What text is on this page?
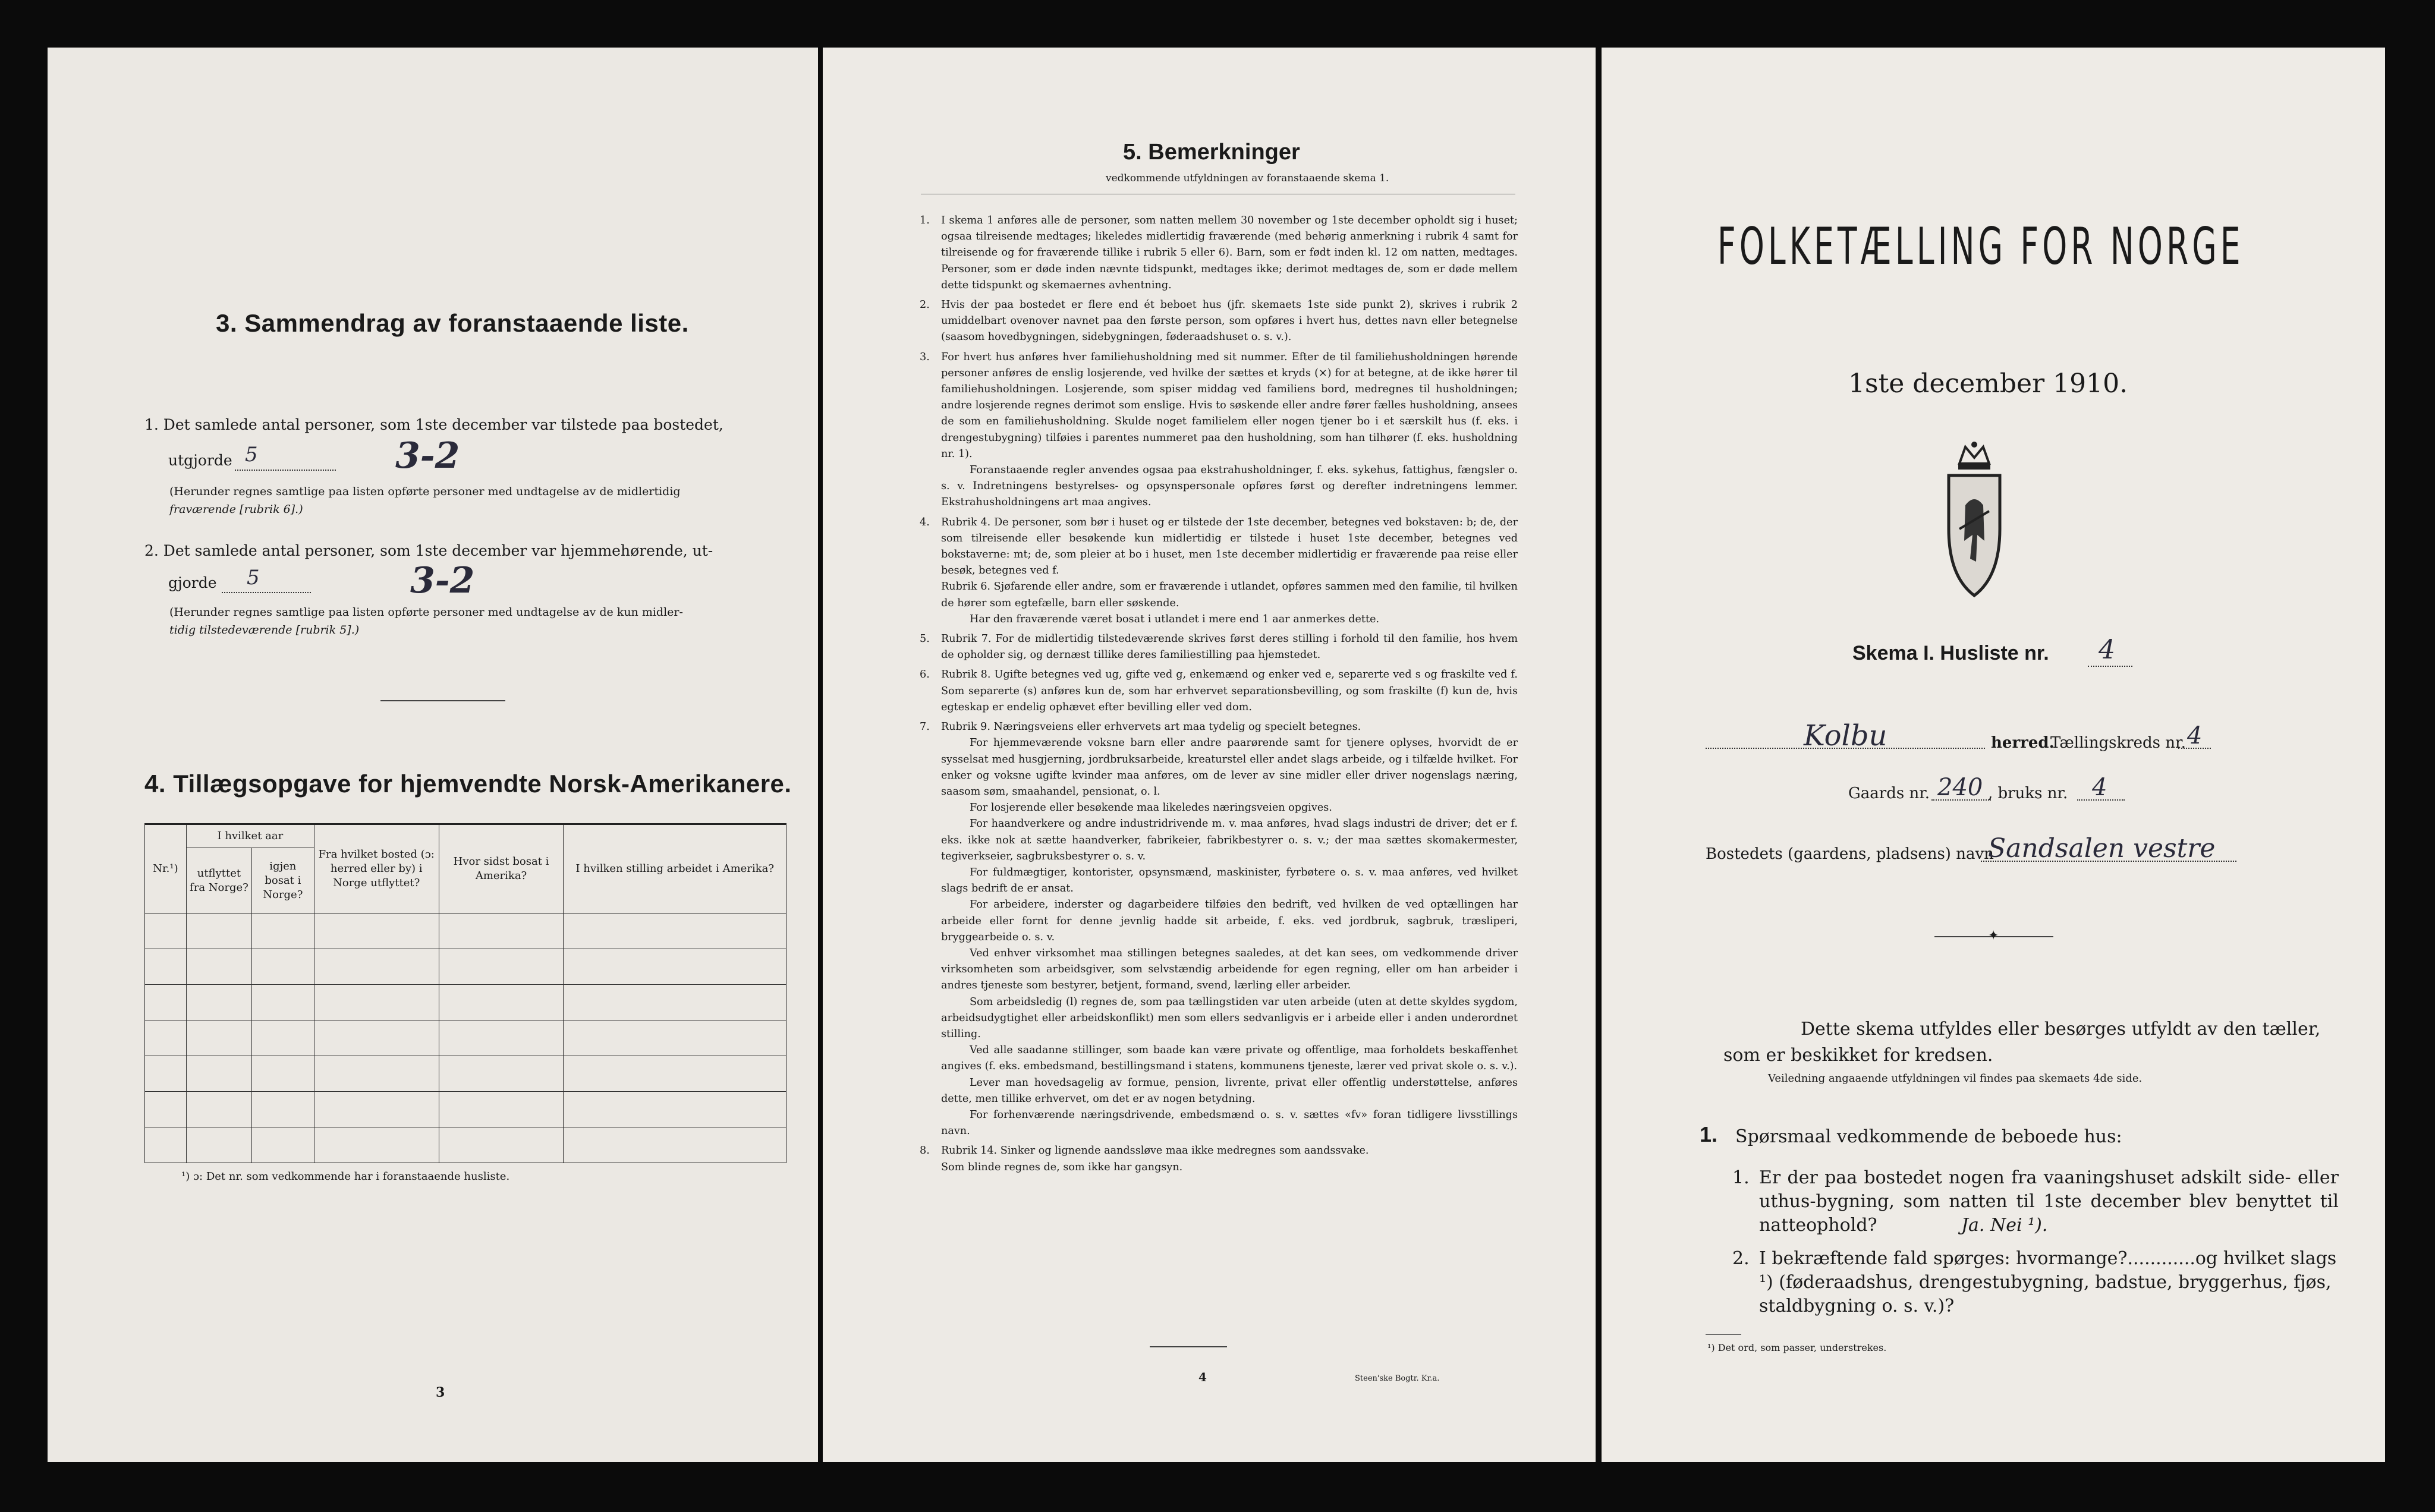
3. Sammendrag av foranstaaende liste.
1. Det samlede antal personer, som 1ste december var tilstede paa bostedet,
utgjorde 5	3-2
(Herunder regnes samtlige paa listen opførte personer med undtagelse av de midlertidig
fraværende [rubrik 6].)
2. Det samlede antal personer, som 1ste december var hjemmehørende, ut-
gjorde 5	3-2
(Herunder regnes samtlige paa listen opførte personer med undtagelse av de kun midler-
tidig tilstedeværende [rubrik 5].)
4. Tillægsopgave for hjemvendte Norsk-Amerikanere.
Nr.¹)	I hvilket aar		Fra hvilket bosted (ɔ: herred eller by) i Norge utflyttet?	Hvor sidst bosat i Amerika?	I hvilken stilling arbeidet i Amerika?
	utflyttet fra Norge?	igjen bosat i Norge?			

¹) ɔ: Det nr. som vedkommende har i foranstaaende husliste.
3
5. Bemerkninger
vedkommende utfyldningen av foranstaaende skema 1.
1. I skema 1 anføres alle de personer, som natten mellem 30 november og 1ste december opholdt sig i huset; ogsaa tilreisende medtages; likeledes midlertidig fraværende (med behørig anmerkning i rubrik 4 samt for tilreisende og for fraværende tillike i rubrik 5 eller 6). Barn, som er født inden kl. 12 om natten, medtages. Personer, som er døde inden nævnte tidspunkt, medtages ikke; derimot medtages de, som er døde mellem dette tidspunkt og skemaernes avhentning.
2. Hvis der paa bostedet er flere end ét beboet hus (jfr. skemaets 1ste side punkt 2), skrives i rubrik 2 umiddelbart ovenover navnet paa den første person, som opføres i hvert hus, dettes navn eller betegnelse (saasom hovedbygningen, sidebygningen, føderaadshuset o. s. v.).
3. For hvert hus anføres hver familiehusholdning med sit nummer. Efter de til familiehusholdningen hørende personer anføres de enslig losjerende, ved hvilke der sættes et kryds (×) for at betegne, at de ikke hører til familiehusholdningen. Losjerende, som spiser middag ved familiens bord, medregnes til husholdningen; andre losjerende regnes derimot som enslige. Hvis to søskende eller andre fører fælles husholdning, ansees de som en familiehusholdning. Skulde noget familielem eller nogen tjener bo i et særskilt hus (f. eks. i drengestubygning) tilføies i parentes nummeret paa den husholdning, som han tilhører (f. eks. husholdning nr. 1).

Foranstaaende regler anvendes ogsaa paa ekstrahusholdninger, f. eks. sykehus, fattighus, fængsler o. s. v. Indretningens bestyrelses- og opsynspersonale opføres først og derefter indretningens lemmer. Ekstrahusholdningens art maa angives.

4. Rubrik 4. De personer, som bør i huset og er tilstede der 1ste december, betegnes ved bokstaven: b; de, der som tilreisende eller besøkende kun midlertidig er tilstede i huset 1ste december, betegnes ved bokstaverne: mt; de, som pleier at bo i huset, men 1ste december midlertidig er fraværende paa reise eller besøk, betegnes ved f.

Rubrik 6. Sjøfarende eller andre, som er fraværende i utlandet, opføres sammen med den familie, til hvilken de hører som egtefælle, barn eller søskende.

Har den fraværende været bosat i utlandet i mere end 1 aar anmerkes dette.

5. Rubrik 7. For de midlertidig tilstedeværende skrives først deres stilling i forhold til den familie, hos hvem de opholder sig, og dernæst tillike deres familiestilling paa hjemstedet.
6. Rubrik 8. Ugifte betegnes ved ug, gifte ved g, enkemænd og enker ved e, separerte ved s og fraskilte ved f. Som separerte (s) anføres kun de, som har erhvervet separationsbevilling, og som fraskilte (f) kun de, hvis egteskap er endelig ophævet efter bevilling eller ved dom.
7. Rubrik 9. Næringsveiens eller erhvervets art maa tydelig og specielt betegnes.

For hjemmeværende voksne barn eller andre paarørende samt for tjenere oplyses, hvorvidt de er sysselsat med husgjerning, jordbruksarbeide, kreaturstel eller andet slags arbeide, og i tilfælde hvilket. For enker og voksne ugifte kvinder maa anføres, om de lever av sine midler eller driver nogenslags næring, saasom søm, smaahandel, pensionat, o. l.

For losjerende eller besøkende maa likeledes næringsveien opgives.

For haandverkere og andre industridrivende m. v. maa anføres, hvad slags industri de driver; det er f. eks. ikke nok at sætte haandverker, fabrikeier, fabrikbestyrer o. s. v.; der maa sættes skomakermester, tegiverkseier, sagbruksbestyrer o. s. v.

For fuldmægtiger, kontorister, opsynsmænd, maskinister, fyrbøtere o. s. v. maa anføres, ved hvilket slags bedrift de er ansat.

For arbeidere, inderster og dagarbeidere tilføies den bedrift, ved hvilken de ved optællingen har arbeide eller fornt for denne jevnlig hadde sit arbeide, f. eks. ved jordbruk, sagbruk, træsliperi, bryggearbeide o. s. v.

Ved enhver virksomhet maa stillingen betegnes saaledes, at det kan sees, om vedkommende driver virksomheten som arbeidsgiver, som selvstændig arbeidende for egen regning, eller om han arbeider i andres tjeneste som bestyrer, betjent, formand, svend, lærling eller arbeider.

Som arbeidsledig (l) regnes de, som paa tællingstiden var uten arbeide (uten at dette skyldes sygdom, arbeidsudygtighet eller arbeidskonflikt) men som ellers sedvanligvis er i arbeide eller i anden underordnet stilling.

Ved alle saadanne stillinger, som baade kan være private og offentlige, maa forholdets beskaffenhet angives (f. eks. embedsmand, bestillingsmand i statens, kommunens tjeneste, lærer ved privat skole o. s. v.).

Lever man hovedsagelig av formue, pension, livrente, privat eller offentlig understøttelse, anføres dette, men tillike erhvervet, om det er av nogen betydning.

For forhenværende næringsdrivende, embedsmænd o. s. v. sættes «fv» foran tidligere livsstillings navn.

8. Rubrik 14. Sinker og lignende aandssløve maa ikke medregnes som aandssvake.

Som blinde regnes de, som ikke har gangsyn.

4	Steen'ske Bogtr. Kr.a.
FOLKETÆLLING FOR NORGE
1ste december 1910.
Skema I. Husliste nr. 4
Kolbu	herred.
Tællingskreds nr. 4
Gaards nr. 240 , bruks nr. 4
Bostedets (gaardens, pladsens) navn
Sandsalen vestre
✦
Dette skema utfyldes eller besørges utfyldt av den tæller, som er beskikket for kredsen.
Veiledning angaaende utfyldningen vil findes paa skemaets 4de side.
1. Spørsmaal vedkommende de beboede hus:
1. Er der paa bostedet nogen fra vaaningshuset adskilt side- eller uthus-bygning, som natten til 1ste december blev benyttet til natteophold?	Ja. Nei ¹).
2. I bekræftende fald spørges: hvormange?............og hvilket slags ¹) (føderaadshus, drengestubygning, badstue, bryggerhus, fjøs, staldbygning o. s. v.)?
¹) Det ord, som passer, understrekes.
